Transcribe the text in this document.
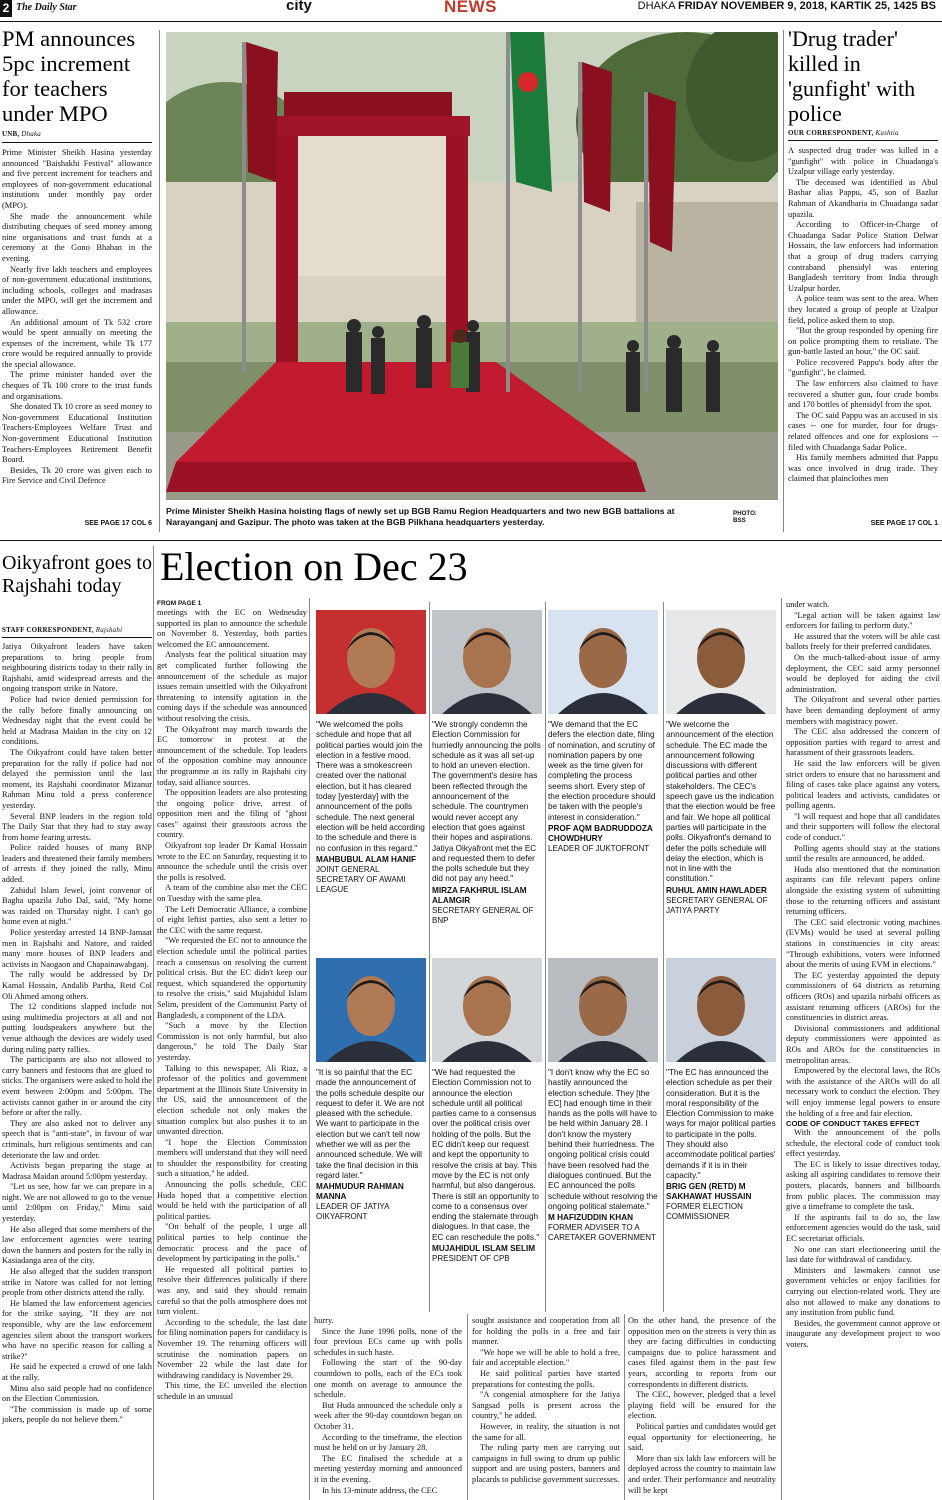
2 The Daily Star	city	NEWS	DHAKA FRIDAY NOVEMBER 9, 2018, KARTIK 25, 1425 BS
PM announces 5pc increment for teachers under MPO
UNB, Dhaka

Prime Minister Sheikh Hasina yesterday announced "Baishakhi Festival" allowance and five percent increment for teachers and employees of non-government educational institutions under monthly pay order (MPO).

She made the announcement while distributing cheques of seed money among nine organisations and trust funds at a ceremony at the Gono Bhaban in the evening.

Nearly five lakh teachers and employees of non-government educational institutions, including schools, colleges and madrasas under the MPO, will get the increment and allowance.

An additional amount of Tk 532 crore would be spent annually on meeting the expenses of the increment, while Tk 177 crore would be required annually to provide the special allowance.

The prime minister handed over the cheques of Tk 100 crore to the trust funds and organisations.

She donated Tk 10 crore as seed money to Non-government Educational Institution Teachers-Employees Welfare Trust and Non-government Educational Institution Teachers-Employees Retirement Benefit Board.

Besides, Tk 20 crore was given each to Fire Service and Civil Defence

SEE PAGE 17 COL 6
Prime Minister Sheikh Hasina hoisting flags of newly set up BGB Ramu Region Headquarters and two new BGB battalions at Narayanganj and Gazipur. The photo was taken at the BGB Pilkhana headquarters yesterday.
PHOTO:
BSS
'Drug trader' killed in 'gunfight' with police
OUR CORRESPONDENT, Kushtia

A suspected drug trader was killed in a "gunfight" with police in Chuadanga's Uzalpur village early yesterday.

The deceased was identified as Abul Bashar alias Pappu, 45, son of Bazlur Rahman of Akandbaria in Chuadanga sadar upazila.

According to Officer-in-Charge of Chuadanga Sadar Police Station Delwar Hossain, the law enforcers had information that a group of drug traders carrying contraband phensidyl was entering Bangladesh territory from India through Uzalpur border.

A police team was sent to the area. When they located a group of people at Uzalpur field, police asked them to stop.

"But the group responded by opening fire on police prompting them to retaliate. The gun-battle lasted an hour," the OC said.

Police recovered Pappu's body after the "gunfight", he claimed.

The law enforcers also claimed to have recovered a shutter gun, four crude bombs and 170 bottles of phensidyl from the spot.

The OC said Pappu was an accused in six cases -- one for murder, four for drugs-related offences and one for explosions -- filed with Chuadanga Sadar Police.

His family members admitted that Pappu was once involved in drug trade. They claimed that plainclothes men

SEE PAGE 17 COL 1
Oikyafront goes to Rajshahi today
STAFF CORRESPONDENT, Rajshahi

Jatiya Oikyafront leaders have taken preparations to bring people from neighbouring districts today to their rally in Rajshahi, amid widespread arrests and the ongoing transport strike in Natore.

Police had twice denied permission for the rally before finally announcing on Wednesday night that the event could be held at Madrasa Maidan in the city on 12 conditions.

The Oikyafront could have taken better preparation for the rally if police had not delayed the permission until the last moment, its Rajshahi coordinator Mizanur Rahman Minu told a press conference yesterday.

Several BNP leaders in the region told The Daily Star that they had to stay away from home fearing arrests.

Police raided houses of many BNP leaders and threatened their family members of arrests if they joined the rally, Minu added.

Zahidul Islam Jewel, joint convenor of Bagha upazila Jubo Dal, said, "My home was raided on Thursday night. I can't go home even at night."

Police yesterday arrested 14 BNP-Jamaat men in Rajshahi and Natore, and raided many more houses of BNP leaders and activists in Naogaon and Chapainawabganj.

The rally would be addressed by Dr Kamal Hossain, Andalib Partha, Retd Col Oli Ahmed among others.

The 12 conditions slapped include not using multimedia projectors at all and not putting loudspeakers anywhere but the venue although the devices are widely used during ruling party rallies.

The participants are also not allowed to carry banners and festoons that are glued to sticks. The organisers were asked to hold the event between 2:00pm and 5:00pm. The activists cannot gather in or around the city before or after the rally.

They are also asked not to deliver any speech that is "anti-state", in favour of war criminals, hurt religious sentiments and can deteriorate the law and order.

Activists began preparing the stage at Madrasa Maidan around 5:00pm yesterday.

"Let us see, how far we can prepare in a night. We are not allowed to go to the venue until 2:00pm on Friday," Minu said yesterday.

He also alleged that some members of the law enforcement agencies were tearing down the banners and posters for the rally in Kasiadanga area of the city.

He also alleged that the sudden transport strike in Natore was called for not letting people from other districts attend the rally.

He blamed the law enforcement agencies for the strike saying, "If they are not responsible, why are the law enforcement agencies silent about the transport workers who have no specific reason for calling a strike?"

He said he expected a crowd of one lakh at the rally.

Minu also said people had no confidence on the Election Commission.

"The commission is made up of some jokers, people do not believe them."

Election on Dec 23
FROM PAGE 1

meetings with the EC on Wednesday supported its plan to announce the schedule on November 8. Yesterday, both parties welcomed the EC announcement.

Analysts fear the political situation may get complicated further following the announcement of the schedule as major issues remain unsettled with the Oikyafront threatening to intensify agitation in the coming days if the schedule was announced without resolving the crisis.

The Oikyafront may march towards the EC tomorrow in protest at the announcement of the schedule. Top leaders of the opposition combine may announce the programme at its rally in Rajshahi city today, said alliance sources.

The opposition leaders are also protesting the ongoing police drive, arrest of opposition men and the filing of "ghost cases" against their grassroots across the country.

Oikyafront top leader Dr Kamal Hossain wrote to the EC on Saturday, requesting it to announce the schedule until the crisis over the polls is resolved.

A team of the combine also met the CEC on Tuesday with the same plea.

The Left Democratic Alliance, a combine of eight leftist parties, also sent a letter to the CEC with the same request.

"We requested the EC not to announce the election schedule until the political parties reach a consensus on resolving the current political crisis. But the EC didn't keep our request, which squandered the opportunity to resolve the crisis," said Mujahidul Islam Selim, president of the Communist Party of Bangladesh, a component of the LDA.

"Such a move by the Election Commission is not only harmful, but also dangerous," he told The Daily Star yesterday.

Talking to this newspaper, Ali Riaz, a professor of the politics and government department at the Illinois State University in the US, said the announcement of the election schedule not only makes the situation complex but also pushes it to an unwanted direction.

"I hope the Election Commission members will understand that they will need to shoulder the responsibility for creating such a situation," he added.

Announcing the polls schedule, CEC Huda hoped that a competitive election would be held with the participation of all political parties.

"On behalf of the people, I urge all political parties to help continue the democratic process and the pace of development by participating in the polls."

He requested all political parties to resolve their differences politically if there was any, and said they should remain careful so that the polls atmosphere does not turn violent.

According to the schedule, the last date for filing nomination papers for candidacy is November 19. The returning officers will scrutinise the nomination papers on November 22 while the last date for withdrawing candidacy is November 29.

This time, the EC unveiled the election schedule in an unusual

"We welcomed the polls schedule and hope that all political parties would join the election in a festive mood. There was a smokescreen created over the national election, but it has cleared today [yesterday] with the announcement of the polls schedule. The next general election will be held according to the schedule and there is no confusion in this regard."
MAHBUBUL ALAM HANIF
JOINT GENERAL SECRETARY OF AWAMI LEAGUE
"We strongly condemn the Election Commission for hurriedly announcing the polls schedule as it was all set-up to hold an uneven election. The government's desire has been reflected through the announcement of the schedule. The countrymen would never accept any election that goes against their hopes and aspirations. Jatiya Oikyafront met the EC and requested them to defer the polls schedule but they did not pay any heed."
MIRZA FAKHRUL ISLAM ALAMGIR
SECRETARY GENERAL OF BNP
"We demand that the EC defers the election date, filing of nomination, and scrutiny of nomination papers by one week as the time given for completing the process seems short. Every step of the election procedure should be taken with the people's interest in consideration."
PROF AQM BADRUDDOZA CHOWDHURY
LEADER OF JUKTOFRONT
"We welcome the announcement of the election schedule. The EC made the announcement following discussions with different political parties and other stakeholders. The CEC's speech gave us the indication that the election would be free and fair. We hope all political parties will participate in the polls. Oikyafront's demand to defer the polls schedule will delay the election, which is not in line with the constitution."
RUHUL AMIN HAWLADER
SECRETARY GENERAL OF JATIYA PARTY
"It is so painful that the EC made the announcement of the polls schedule despite our request to defer it. We are not pleased with the schedule. We want to participate in the election but we can't tell now whether we will as per the announced schedule. We will take the final decision in this regard later."
MAHMUDUR RAHMAN MANNA
LEADER OF JATIYA OIKYAFRONT
"We had requested the Election Commission not to announce the election schedule until all political parties came to a consensus over the political crisis over holding of the polls. But the EC didn't keep our request and kept the opportunity to resolve the crisis at bay. This move by the EC is not only harmful, but also dangerous. There is still an opportunity to come to a consensus over ending the stalemate through dialogues. In that case, the EC can reschedule the polls."
MUJAHIDUL ISLAM SELIM
PRESIDENT OF CPB
"I don't know why the EC so hastily announced the election schedule. They [the EC] had enough time in their hands as the polls will have to be held within January 28. I don't know the mystery behind their hurriedness. The ongoing political crisis could have been resolved had the dialogues continued. But the EC announced the polls schedule without resolving the ongoing political stalemate."
M HAFIZUDDIN KHAN
FORMER ADVISER TO A CARETAKER GOVERNMENT
"The EC has announced the election schedule as per their consideration. But it is the moral responsibility of the Election Commission to make ways for major political parties to participate in the polls. They should also accommodate political parties' demands if it is in their capacity."
BRIG GEN (RETD) M SAKHAWAT HUSSAIN
FORMER ELECTION COMMISSIONER

hurry.

Since the June 1996 polls, none of the four previous ECs came up with polls schedules in such haste.

Following the start of the 90-day countdown to polls, each of the ECs took one month on average to announce the schedule.

But Huda announced the schedule only a week after the 90-day countdown began on October 31.

According to the timeframe, the election must be held on or by January 28.

The EC finalised the schedule at a meeting yesterday morning and announced it in the evening.

In his 13-minute address, the CEC

sought assistance and cooperation from all for holding the polls in a free and fair manner.

"We hope we will be able to hold a free, fair and acceptable election."

He said political parties have started preparations for contesting the polls.

"A congenial atmosphere for the Jatiya Sangsad polls is present across the country," he added.

However, in reality, the situation is not the same for all.

The ruling party men are carrying out campaigns in full swing to drum up public support and are using posters, banners and placards to publicise government successes.

On the other hand, the presence of the opposition men on the streets is very thin as they are facing difficulties in conducting campaigns due to police harassment and cases filed against them in the past few years, according to reports from our correspondents in different districts.

The CEC, however, pledged that a level playing field will be ensured for the election.

Political parties and candidates would get equal opportunity for electioneering, he said.

More than six lakh law enforcers will be deployed across the country to maintain law and order. Their performance and neutrality will be kept

under watch.

"Legal action will be taken against law enforcers for failing to perform duty."

He assured that the voters will be able cast ballots freely for their preferred candidates.

On the much-talked-about issue of army deployment, the CEC said army personnel would be deployed for aiding the civil administration.

The Oikyafront and several other parties have been demanding deployment of army members with magistracy power.

The CEC also addressed the concern of opposition parties with regard to arrest and harassment of their grassroots leaders.

He said the law enforcers will be given strict orders to ensure that no harassment and filing of cases take place against any voters, political leaders and activists, candidates or polling agents.

"I will request and hope that all candidates and their supporters will follow the electoral code of conduct."

Polling agents should stay at the stations until the results are announced, he added.

Huda also mentioned that the nomination aspirants can file relevant papers online alongside the existing system of submitting those to the returning officers and assistant returning officers.

The CEC said electronic voting machines (EVMs) would be used at several polling stations in constituencies in city areas: "Through exhibitions, voters were informed about the merits of using EVM in elections."

The EC yesterday appointed the deputy commissioners of 64 districts as returning officers (ROs) and upazila nirbahi officers as assistant returning officers (AROs) for the constituencies in district areas.

Divisional commissioners and additional deputy commissioners were appointed as ROs and AROs for the constituencies in metropolitan areas.

Empowered by the electoral laws, the ROs with the assistance of the AROs will do all necessary work to conduct the election. They will enjoy immense legal powers to ensure the holding of a free and fair election.

CODE OF CONDUCT TAKES EFFECT

With the announcement of the polls schedule, the electoral code of conduct took effect yesterday.

The EC is likely to issue directives today, asking all aspiring candidates to remove their posters, placards, banners and billboards from public places. The commission may give a timeframe to complete the task.

If the aspirants fail to do so, the law enforcement agencies would do the task, said EC secretariat officials.

No one can start electioneering until the last date for withdrawal of candidacy.

Ministers and lawmakers cannot use government vehicles or enjoy facilities for carrying out election-related work. They are also not allowed to make any donations to any institution from public fund.

Besides, the government cannot approve or inaugurate any development project to woo voters.
